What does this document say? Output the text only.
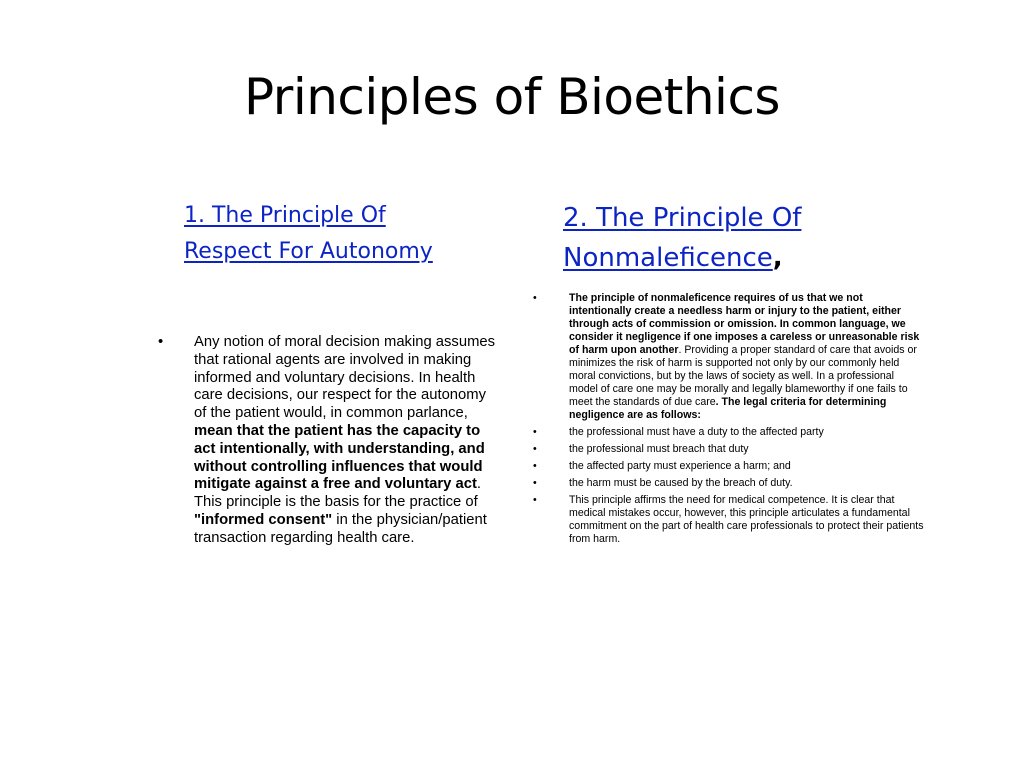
Principles of Bioethics
1. The Principle Of
Respect For Autonomy
2. The Principle Of
Nonmaleficence,
• Any notion of moral decision making assumes that rational agents are involved in making informed and voluntary decisions. In health care decisions, our respect for the autonomy of the patient would, in common parlance, mean that the patient has the capacity to act intentionally, with understanding, and without controlling influences that would mitigate against a free and voluntary act. This principle is the basis for the practice of "informed consent" in the physician/patient transaction regarding health care.
•	The principle of nonmaleficence requires of us that we not intentionally create a needless harm or injury to the patient, either through acts of commission or omission. In common language, we consider it negligence if one imposes a careless or unreasonable risk of harm upon another. Providing a proper standard of care that avoids or minimizes the risk of harm is supported not only by our commonly held moral convictions, but by the laws of society as well. In a professional model of care one may be morally and legally blameworthy if one fails to meet the standards of due care. The legal criteria for determining negligence are as follows:
•	the professional must have a duty to the affected party
•	the professional must breach that duty
•	the affected party must experience a harm; and
•	the harm must be caused by the breach of duty.
•	This principle affirms the need for medical competence. It is clear that medical mistakes occur, however, this principle articulates a fundamental commitment on the part of health care professionals to protect their patients from harm.
